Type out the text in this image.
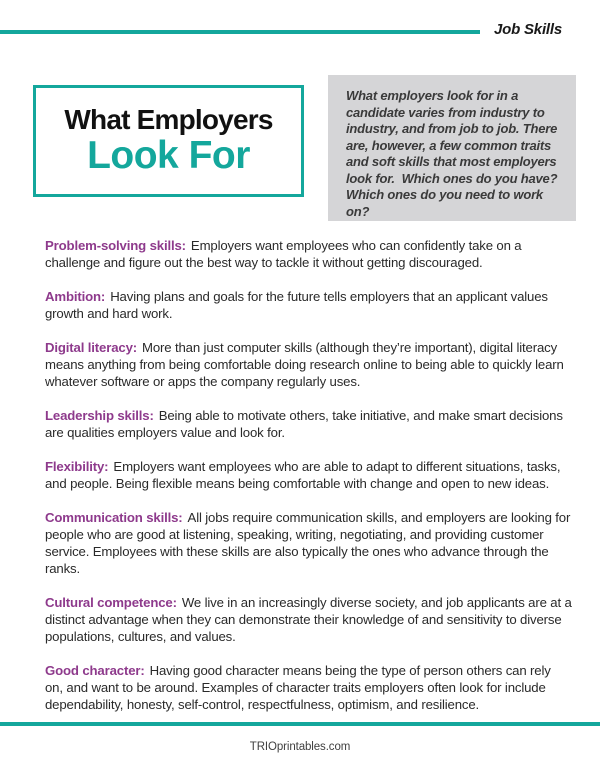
Job Skills
What Employers
Look For

What employers look for in a candidate varies from industry to industry, and from job to job. There are, however, a few common traits and soft skills that most employers look for.  Which ones do you have? Which ones do you need to work on?

Problem-solving skills: Employers want employees who can confidently take on a challenge and figure out the best way to tackle it without getting discouraged.

Ambition: Having plans and goals for the future tells employers that an applicant values growth and hard work.

Digital literacy: More than just computer skills (although they’re important), digital literacy means anything from being comfortable doing research online to being able to quickly learn whatever software or apps the company regularly uses.

Leadership skills: Being able to motivate others, take initiative, and make smart decisions are qualities employers value and look for.

Flexibility: Employers want employees who are able to adapt to different situations, tasks, and people. Being flexible means being comfortable with change and open to new ideas.

Communication skills: All jobs require communication skills, and employers are looking for people who are good at listening, speaking, writing, negotiating, and providing customer service. Employees with these skills are also typically the ones who advance through the ranks.

Cultural competence: We live in an increasingly diverse society, and job applicants are at a distinct advantage when they can demonstrate their knowledge of and sensitivity to diverse populations, cultures, and values.

Good character: Having good character means being the type of person others can rely on, and want to be around. Examples of character traits employers often look for include dependability, honesty, self-control, respectfulness, optimism, and resilience.

TRIOprintables.com
